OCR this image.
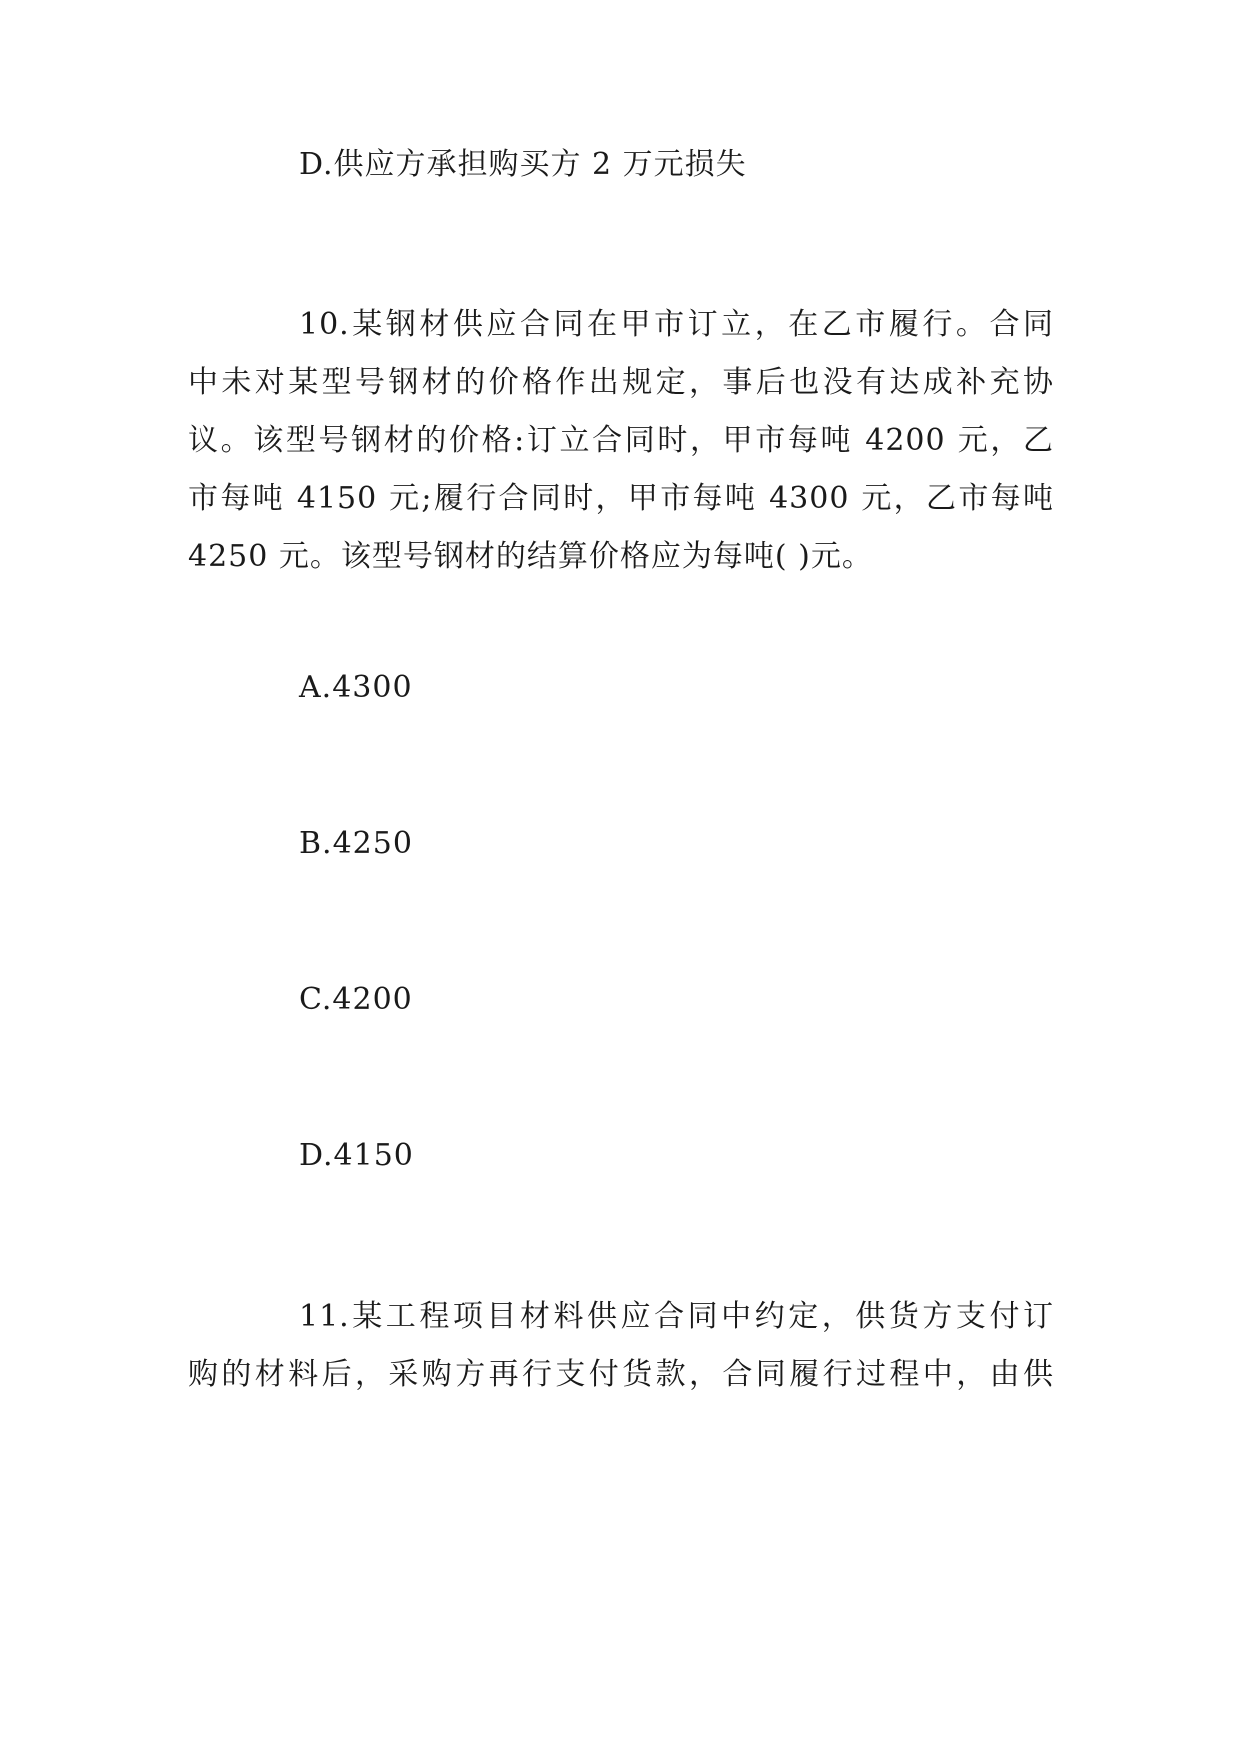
D.供应方承担购买方 2 万元损失
10.某钢材供应合同在甲市订立，在乙市履行。合同
中未对某型号钢材的价格作出规定，事后也没有达成补充协
议。该型号钢材的价格:订立合同时，甲市每吨 4200 元，乙
市每吨 4150 元;履行合同时，甲市每吨 4300 元，乙市每吨
4250 元。该型号钢材的结算价格应为每吨( )元。
A.4300
B.4250
C.4200
D.4150
11.某工程项目材料供应合同中约定，供货方支付订
购的材料后，采购方再行支付货款，合同履行过程中，由供
